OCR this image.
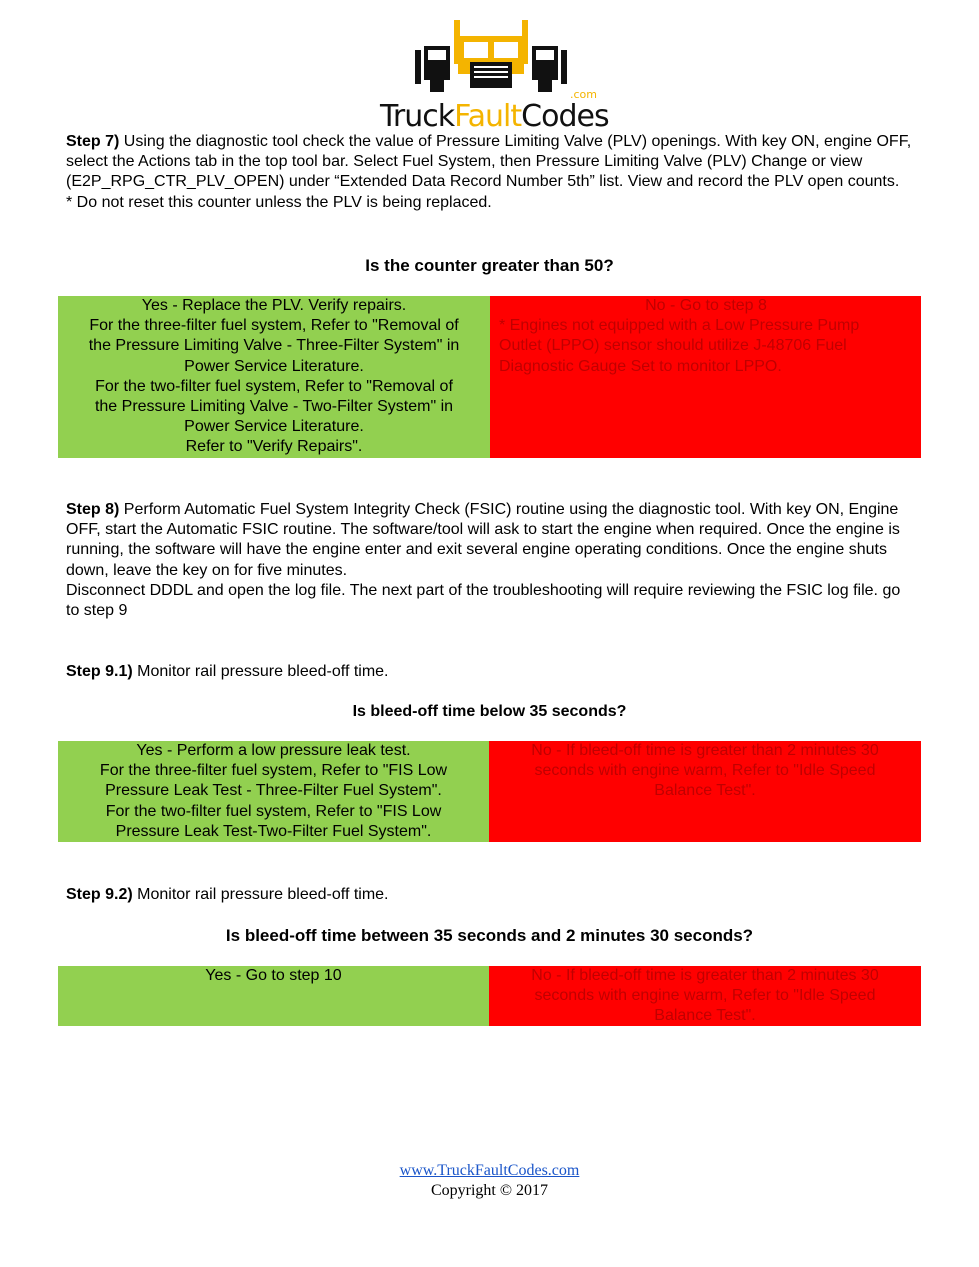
TruckFaultCodes
.com
Step 7) Using the diagnostic tool check the value of Pressure Limiting Valve (PLV) openings. With key ON, engine OFF, select the Actions tab in the top tool bar. Select Fuel System, then Pressure Limiting Valve (PLV) Change or view (E2P_RPG_CTR_PLV_OPEN) under “Extended Data Record Number 5th” list. View and record the PLV open counts.
* Do not reset this counter unless the PLV is being replaced.
Is the counter greater than 50?
Yes - Replace the PLV. Verify repairs.
For the three-filter fuel system, Refer to "Removal of
the Pressure Limiting Valve - Three-Filter System" in
Power Service Literature.
For the two-filter fuel system, Refer to "Removal of
the Pressure Limiting Valve - Two-Filter System" in
Power Service Literature.
Refer to "Verify Repairs".
No - Go to step 8
* Engines not equipped with a Low Pressure Pump
Outlet (LPPO) sensor should utilize J-48706 Fuel
Diagnostic Gauge Set to monitor LPPO.
Step 8) Perform Automatic Fuel System Integrity Check (FSIC) routine using the diagnostic tool. With key ON, Engine OFF, start the Automatic FSIC routine. The software/tool will ask to start the engine when required. Once the engine is running, the software will have the engine enter and exit several engine operating conditions. Once the engine shuts down, leave the key on for five minutes.
Disconnect DDDL and open the log file. The next part of the troubleshooting will require reviewing the FSIC log file. go to step 9
Step 9.1) Monitor rail pressure bleed-off time.
Is bleed-off time below 35 seconds?
Yes - Perform a low pressure leak test.
For the three-filter fuel system, Refer to "FIS Low
Pressure Leak Test - Three-Filter Fuel System".
For the two-filter fuel system, Refer to "FIS Low
Pressure Leak Test-Two-Filter Fuel System".
No - If bleed-off time is greater than 2 minutes 30
seconds with engine warm, Refer to "Idle Speed
Balance Test".
Step 9.2) Monitor rail pressure bleed-off time.
Is bleed-off time between 35 seconds and 2 minutes 30 seconds?
Yes - Go to step 10	No - If bleed-off time is greater than 2 minutes 30
seconds with engine warm, Refer to "Idle Speed
Balance Test".
www.TruckFaultCodes.com
Copyright © 2017
